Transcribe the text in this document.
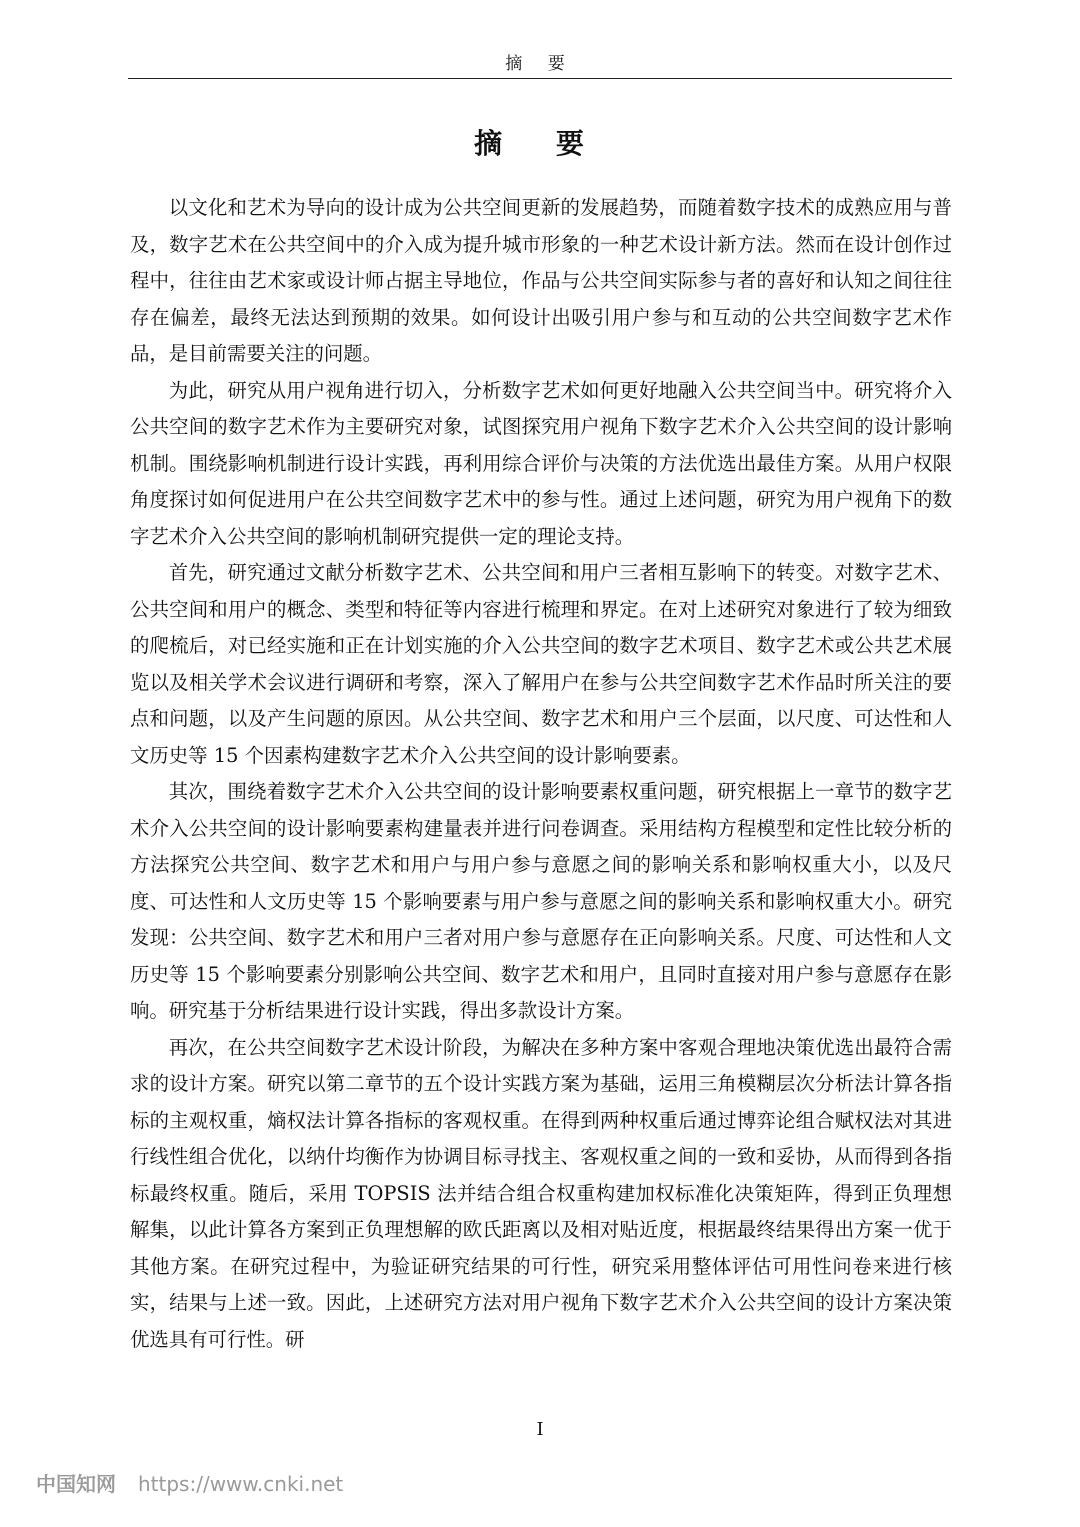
摘 要
摘 要

以文化和艺术为导向的设计成为公共空间更新的发展趋势，而随着数字技术的成熟应用与普及，数字艺术在公共空间中的介入成为提升城市形象的一种艺术设计新方法。然而在设计创作过程中，往往由艺术家或设计师占据主导地位，作品与公共空间实际参与者的喜好和认知之间往往存在偏差，最终无法达到预期的效果。如何设计出吸引用户参与和互动的公共空间数字艺术作品，是目前需要关注的问题。

为此，研究从用户视角进行切入，分析数字艺术如何更好地融入公共空间当中。研究将介入公共空间的数字艺术作为主要研究对象，试图探究用户视角下数字艺术介入公共空间的设计影响机制。围绕影响机制进行设计实践，再利用综合评价与决策的方法优选出最佳方案。从用户权限角度探讨如何促进用户在公共空间数字艺术中的参与性。通过上述问题，研究为用户视角下的数字艺术介入公共空间的影响机制研究提供一定的理论支持。

首先，研究通过文献分析数字艺术、公共空间和用户三者相互影响下的转变。对数字艺术、公共空间和用户的概念、类型和特征等内容进行梳理和界定。在对上述研究对象进行了较为细致的爬梳后，对已经实施和正在计划实施的介入公共空间的数字艺术项目、数字艺术或公共艺术展览以及相关学术会议进行调研和考察，深入了解用户在参与公共空间数字艺术作品时所关注的要点和问题，以及产生问题的原因。从公共空间、数字艺术和用户三个层面，以尺度、可达性和人文历史等 15 个因素构建数字艺术介入公共空间的设计影响要素。

其次，围绕着数字艺术介入公共空间的设计影响要素权重问题，研究根据上一章节的数字艺术介入公共空间的设计影响要素构建量表并进行问卷调查。采用结构方程模型和定性比较分析的方法探究公共空间、数字艺术和用户与用户参与意愿之间的影响关系和影响权重大小，以及尺度、可达性和人文历史等 15 个影响要素与用户参与意愿之间的影响关系和影响权重大小。研究发现：公共空间、数字艺术和用户三者对用户参与意愿存在正向影响关系。尺度、可达性和人文历史等 15 个影响要素分别影响公共空间、数字艺术和用户，且同时直接对用户参与意愿存在影响。研究基于分析结果进行设计实践，得出多款设计方案。

再次，在公共空间数字艺术设计阶段，为解决在多种方案中客观合理地决策优选出最符合需求的设计方案。研究以第二章节的五个设计实践方案为基础，运用三角模糊层次分析法计算各指标的主观权重，熵权法计算各指标的客观权重。在得到两种权重后通过博弈论组合赋权法对其进行线性组合优化，以纳什均衡作为协调目标寻找主、客观权重之间的一致和妥协，从而得到各指标最终权重。随后，采用 TOPSIS 法并结合组合权重构建加权标准化决策矩阵，得到正负理想解集，以此计算各方案到正负理想解的欧氏距离以及相对贴近度，根据最终结果得出方案一优于其他方案。在研究过程中，为验证研究结果的可行性，研究采用整体评估可用性问卷来进行核实，结果与上述一致。因此，上述研究方法对用户视角下数字艺术介入公共空间的设计方案决策优选具有可行性。研

I
中国知网 https://www.cnki.net
